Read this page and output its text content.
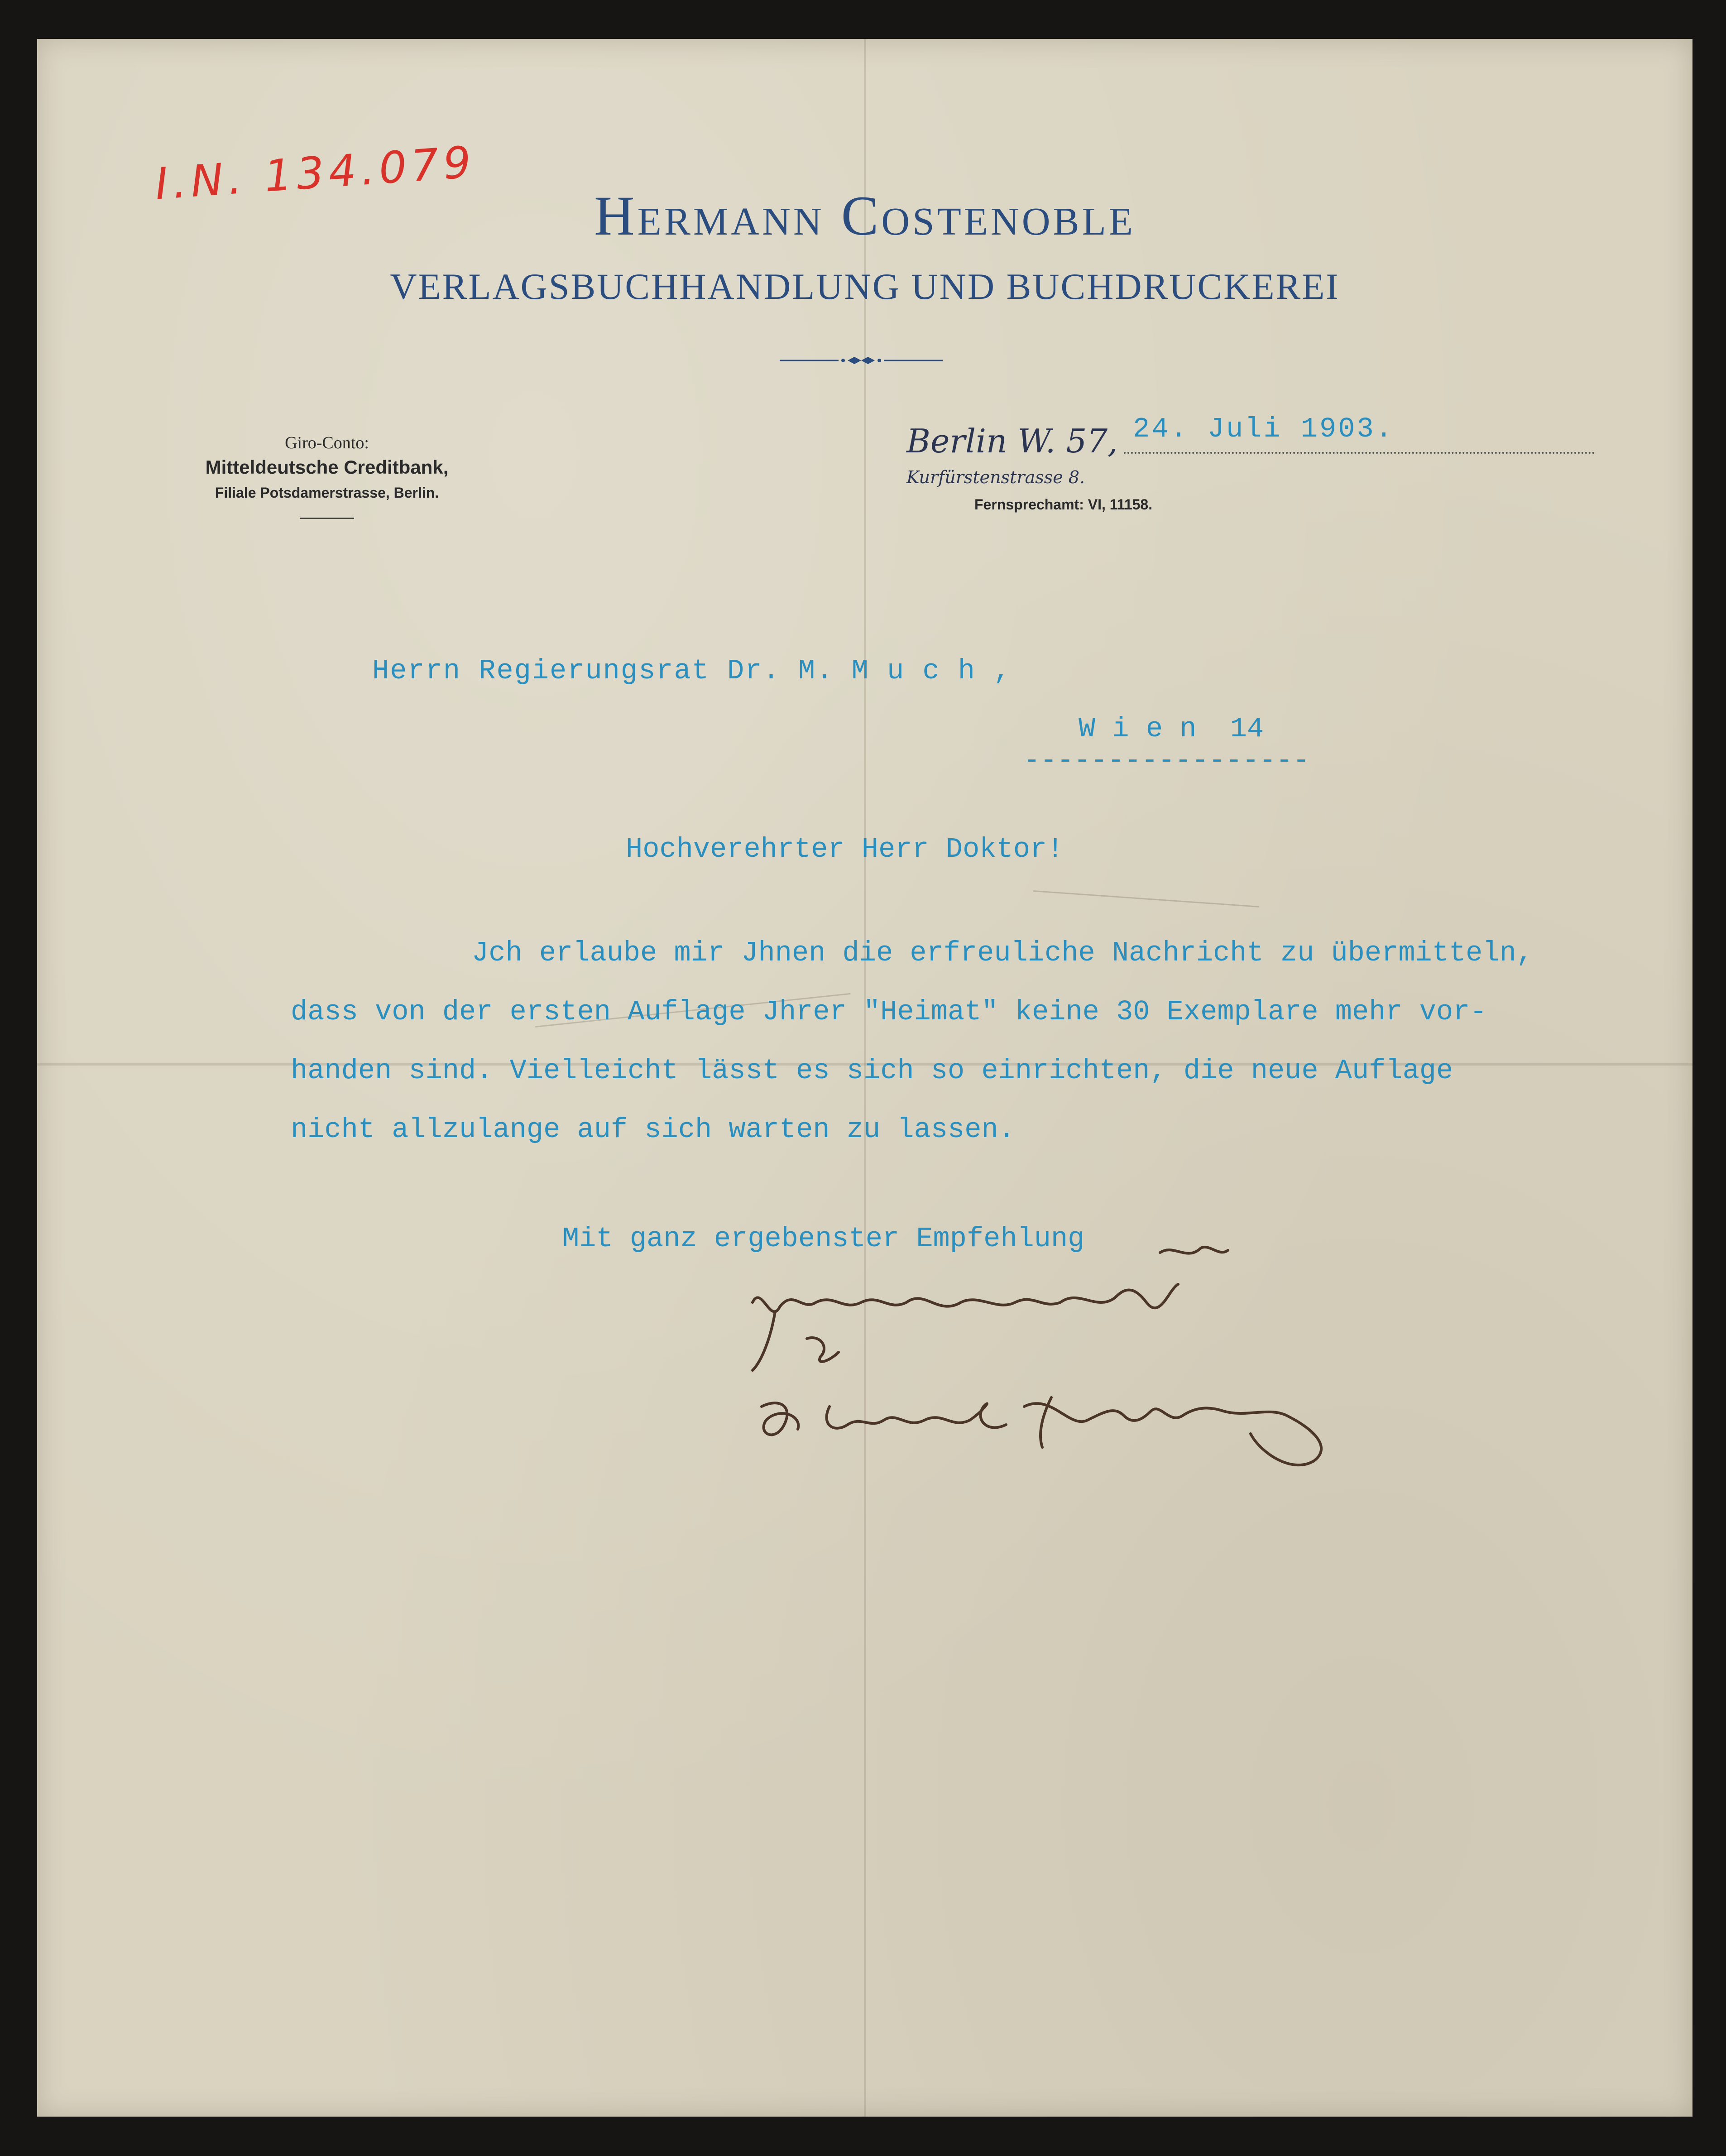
I.N. 134.079
Hermann Costenoble
VERLAGSBUCHHANDLUNG UND BUCHDRUCKEREI
Giro-Conto:
Mitteldeutsche Creditbank,
Filiale Potsdamerstrasse, Berlin.
Berlin W. 57, 24. Juli 1903.
Kurfürstenstrasse 8.
Fernsprechamt: VI, 11158.
Herrn Regierungsrat Dr. M. M u c h ,
W i e n  14
-----------------
Hochverehrter Herr Doktor!
Jch erlaube mir Jhnen die erfreuliche Nachricht zu übermitteln,
dass von der ersten Auflage Jhrer "Heimat" keine 30 Exemplare mehr vor-
handen sind. Vielleicht lässt es sich so einrichten, die neue Auflage
nicht allzulange auf sich warten zu lassen.
Mit ganz ergebenster Empfehlung
